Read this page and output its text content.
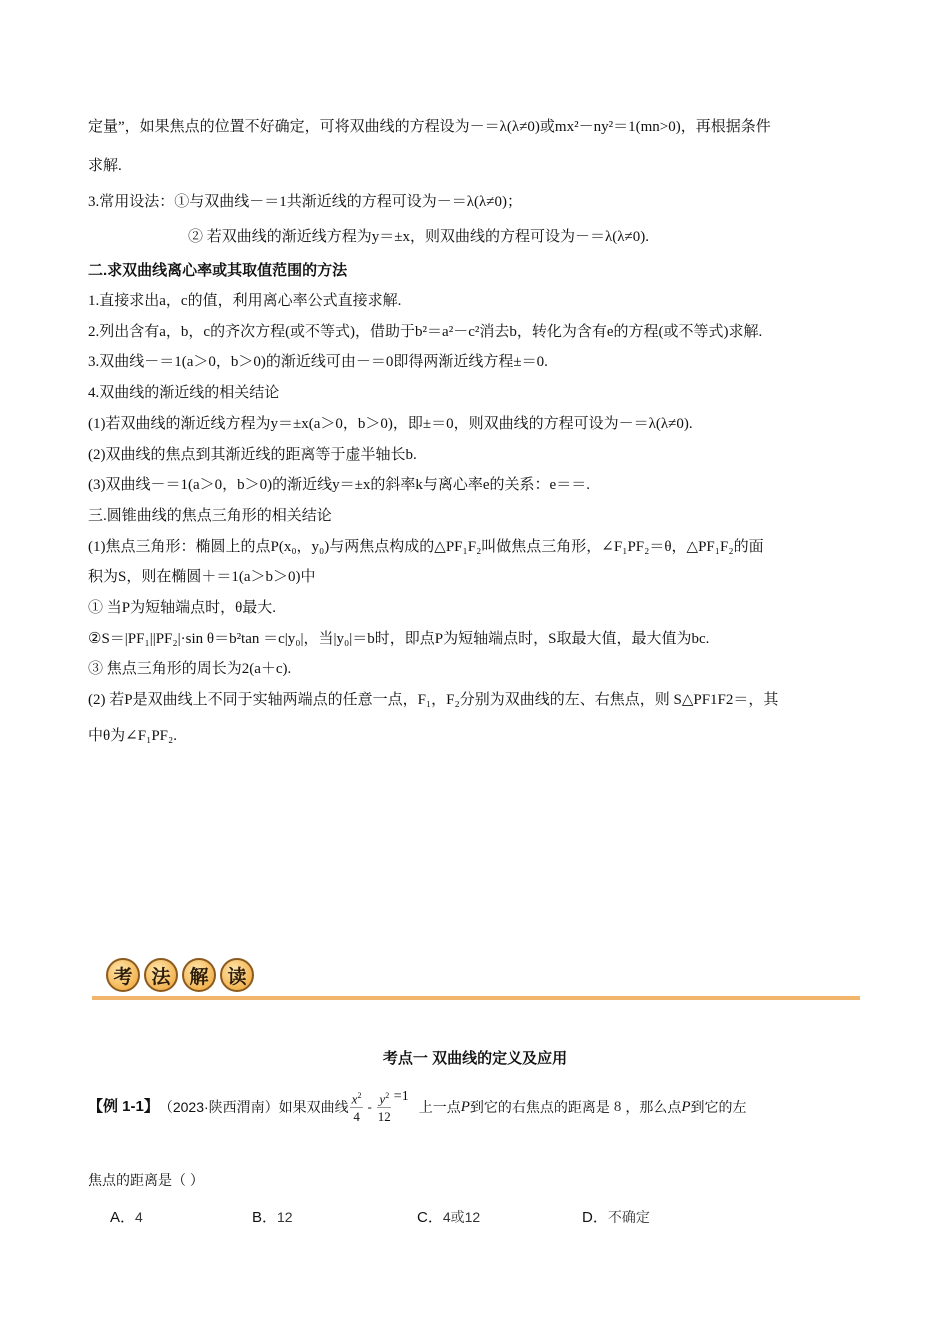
定量”，如果焦点的位置不好确定，可将双曲线的方程设为－＝λ(λ≠0)或mx²－ny²＝1(mn>0)，再根据条件
求解.
3.常用设法：①与双曲线－＝1共渐近线的方程可设为－＝λ(λ≠0)；
② 若双曲线的渐近线方程为y＝±x，则双曲线的方程可设为－＝λ(λ≠0).
二.求双曲线离心率或其取值范围的方法
1.直接求出a，c的值，利用离心率公式直接求解.
2.列出含有a，b，c的齐次方程(或不等式)，借助于b²＝a²－c²消去b，转化为含有e的方程(或不等式)求解.
3.双曲线－＝1(a＞0，b＞0)的渐近线可由－＝0即得两渐近线方程±＝0.
4.双曲线的渐近线的相关结论
(1)若双曲线的渐近线方程为y＝±x(a＞0，b＞0)，即±＝0，则双曲线的方程可设为－＝λ(λ≠0).
(2)双曲线的焦点到其渐近线的距离等于虚半轴长b.
(3)双曲线－＝1(a＞0，b＞0)的渐近线y＝±x的斜率k与离心率e的关系：e＝＝.
三.圆锥曲线的焦点三角形的相关结论
(1)焦点三角形：椭圆上的点P(x₀，y₀)与两焦点构成的△PF₁F₂叫做焦点三角形，∠F₁PF₂＝θ，△PF₁F₂的面
积为S，则在椭圆＋＝1(a＞b＞0)中
① 当P为短轴端点时，θ最大.
②S＝|PF₁||PF₂|·sin θ＝b²tan ＝c|y₀|，当|y₀|＝b时，即点P为短轴端点时，S取最大值，最大值为bc.
③ 焦点三角形的周长为2(a＋c).
(2) 若P是双曲线上不同于实轴两端点的任意一点，F₁，F₂分别为双曲线的左、右焦点，则 S△PF1F2＝，其
中θ为∠F₁PF₂.
考 法 解 读
考点一 双曲线的定义及应用
【例 1-1】 （2023·陕西渭南）如果双曲线 $\frac{x^2}{4} - \frac{y^2}{12} =1$
上一点 P 到它的右焦点的距离是 8 ，那么点 P 到它的左
焦点的距离是（ ）
A．4	B．12	C．4或12	D．不确定
